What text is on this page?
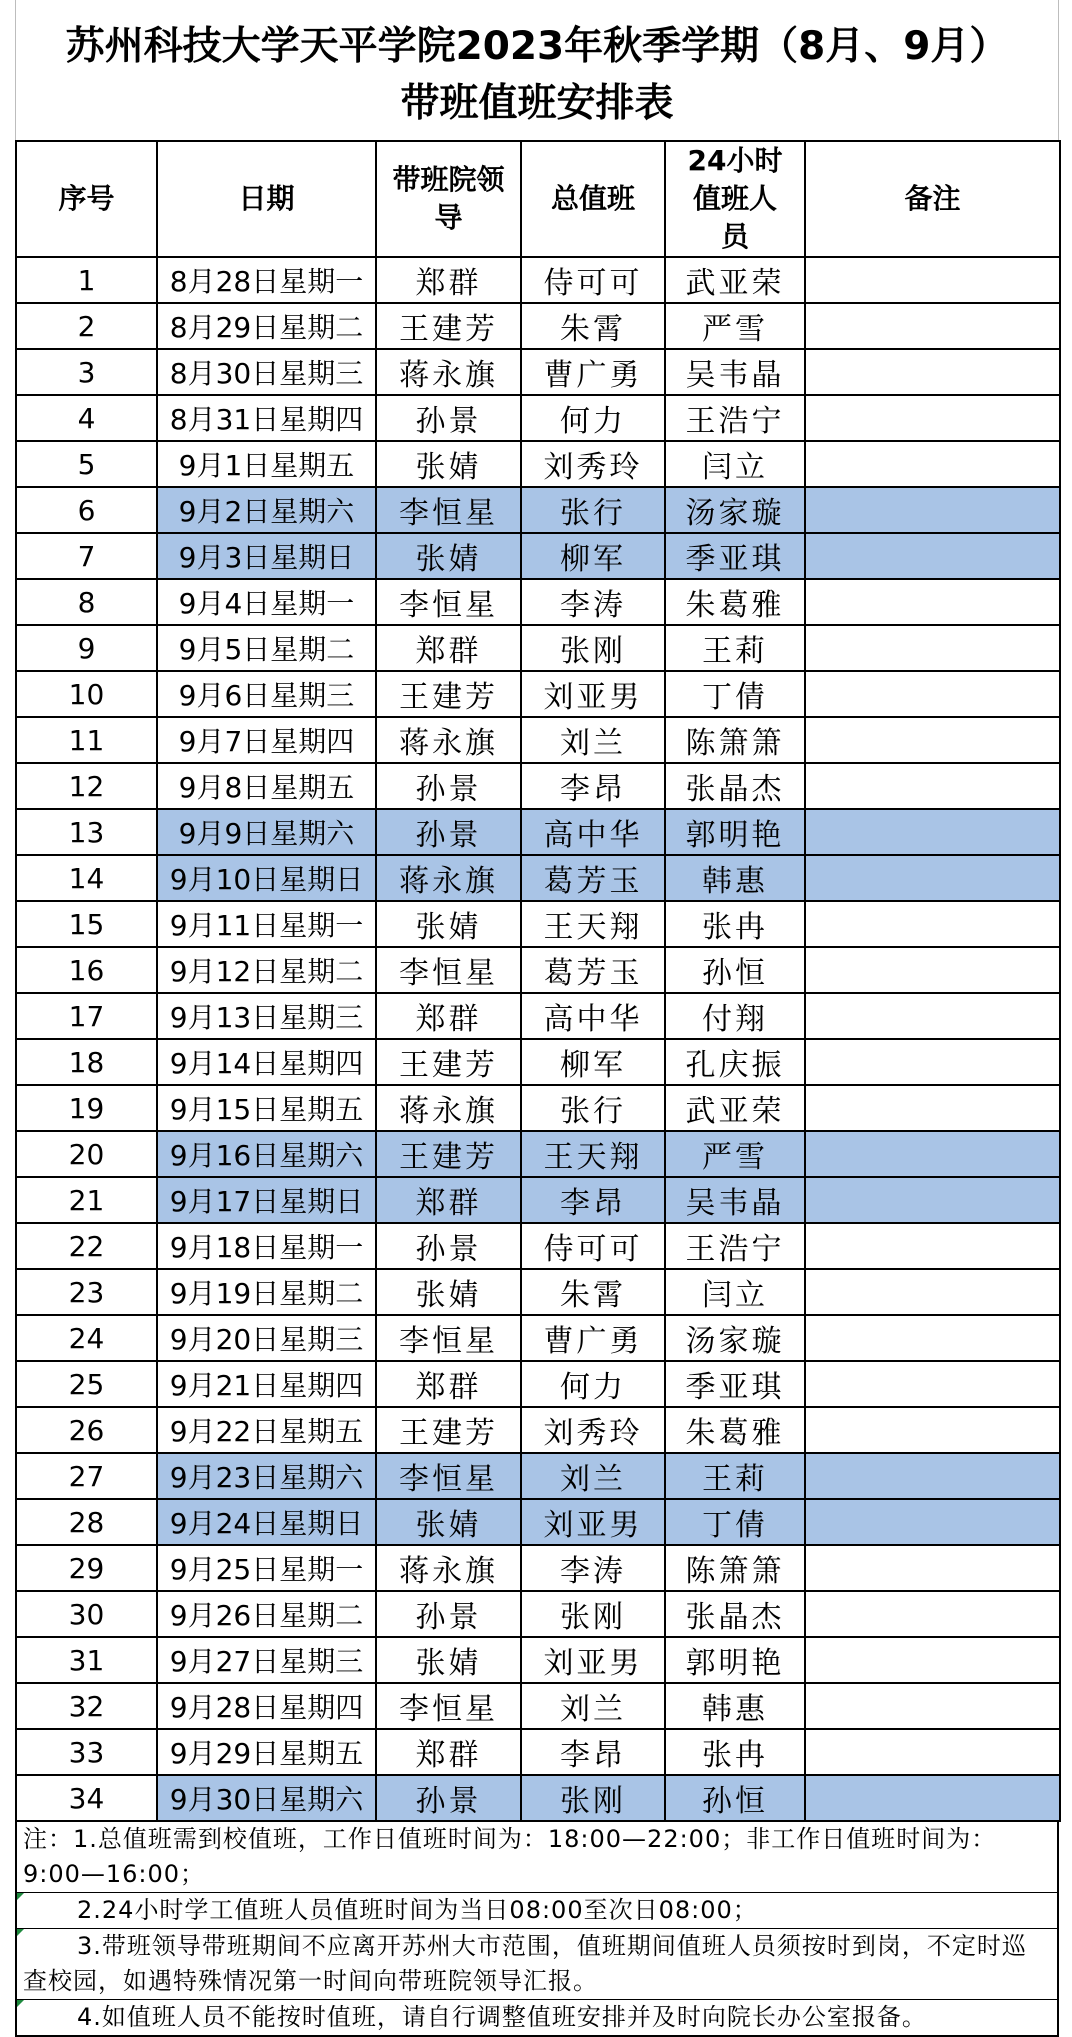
苏州科技大学天平学院2023年秋季学期（8月、9月）
带班值班安排表
序号	日期	带班院领导	总值班	24小时值班人员	备注
1	8月28日星期一	郑群	侍可可	武亚荣	
2	8月29日星期二	王建芳	朱霄	严雪	
3	8月30日星期三	蒋永旗	曹广勇	吴韦晶	
4	8月31日星期四	孙景	何力	王浩宁	
5	9月1日星期五	张婧	刘秀玲	闫立	
6	9月2日星期六	李恒星	张行	汤家璇	
7	9月3日星期日	张婧	柳军	季亚琪	
8	9月4日星期一	李恒星	李涛	朱葛雅	
9	9月5日星期二	郑群	张刚	王莉	
10	9月6日星期三	王建芳	刘亚男	丁倩	
11	9月7日星期四	蒋永旗	刘兰	陈箫箫	
12	9月8日星期五	孙景	李昂	张晶杰	
13	9月9日星期六	孙景	高中华	郭明艳	
14	9月10日星期日	蒋永旗	葛芳玉	韩惠	
15	9月11日星期一	张婧	王天翔	张冉	
16	9月12日星期二	李恒星	葛芳玉	孙恒	
17	9月13日星期三	郑群	高中华	付翔	
18	9月14日星期四	王建芳	柳军	孔庆振	
19	9月15日星期五	蒋永旗	张行	武亚荣	
20	9月16日星期六	王建芳	王天翔	严雪	
21	9月17日星期日	郑群	李昂	吴韦晶	
22	9月18日星期一	孙景	侍可可	王浩宁	
23	9月19日星期二	张婧	朱霄	闫立	
24	9月20日星期三	李恒星	曹广勇	汤家璇	
25	9月21日星期四	郑群	何力	季亚琪	
26	9月22日星期五	王建芳	刘秀玲	朱葛雅	
27	9月23日星期六	李恒星	刘兰	王莉	
28	9月24日星期日	张婧	刘亚男	丁倩	
29	9月25日星期一	蒋永旗	李涛	陈箫箫	
30	9月26日星期二	孙景	张刚	张晶杰	
31	9月27日星期三	张婧	刘亚男	郭明艳	
32	9月28日星期四	李恒星	刘兰	韩惠	
33	9月29日星期五	郑群	李昂	张冉	
34	9月30日星期六	孙景	张刚	孙恒	
注：1.总值班需到校值班，工作日值班时间为：18:00—22:00；非工作日值班时间为：9:00—16:00；
2.24小时学工值班人员值班时间为当日08:00至次日08:00；
3.带班领导带班期间不应离开苏州大市范围，值班期间值班人员须按时到岗，不定时巡查校园，如遇特殊情况第一时间向带班院领导汇报。
4.如值班人员不能按时值班，请自行调整值班安排并及时向院长办公室报备。
